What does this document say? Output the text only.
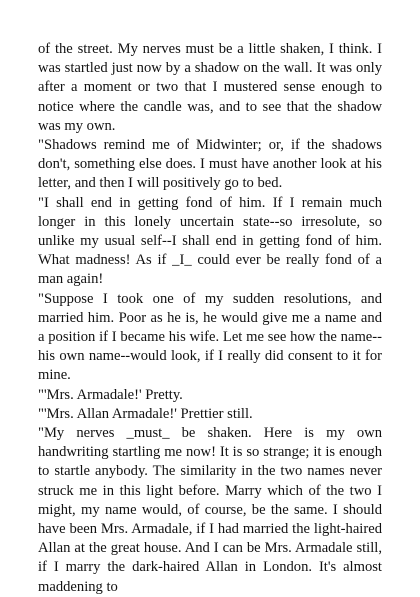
of the street. My nerves must be a little shaken, I think. I was startled just now by a shadow on the wall. It was only after a moment or two that I mustered sense enough to notice where the candle was, and to see that the shadow was my own.

"Shadows remind me of Midwinter; or, if the shadows don't, something else does. I must have another look at his letter, and then I will positively go to bed.

"I shall end in getting fond of him. If I remain much longer in this lonely uncertain state--so irresolute, so unlike my usual self--I shall end in getting fond of him. What madness! As if _I_ could ever be really fond of a man again!

"Suppose I took one of my sudden resolutions, and married him. Poor as he is, he would give me a name and a position if I became his wife. Let me see how the name--his own name--would look, if I really did consent to it for mine.

"'Mrs. Armadale!' Pretty.

"'Mrs. Allan Armadale!' Prettier still.

"My nerves _must_ be shaken. Here is my own handwriting startling me now! It is so strange; it is enough to startle anybody. The similarity in the two names never struck me in this light before. Marry which of the two I might, my name would, of course, be the same. I should have been Mrs. Armadale, if I had married the light-haired Allan at the great house. And I can be Mrs. Armadale still, if I marry the dark-haired Allan in London. It's almost maddening to
